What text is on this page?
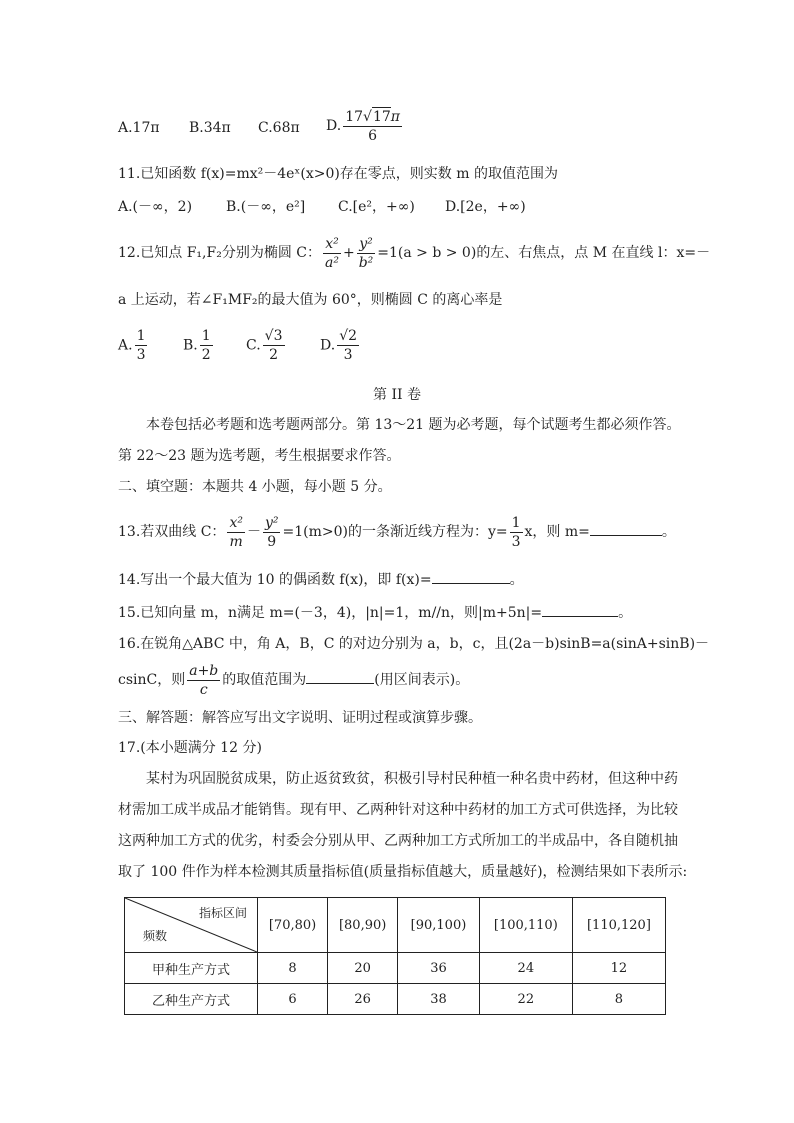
A.17π B.34π C.68π D. $\frac{17√17\pi}{6}$
11.已知函数 f(x)=mx²－4eˣ(x>0)存在零点，则实数 m 的取值范围为
A.(－∞，2) B.(－∞，e²] C.[e²，+∞) D.[2e，+∞)
12.已知点 F₁,F₂分别为椭圆 C： $\frac{\text{x²}}{\text{a²}} + \frac{\text{y²}}{\text{b²}} =1(a > b > 0)$的左、右焦点，点 M 在直线 l：x=－
a 上运动，若∠F₁MF₂的最大值为 60°，则椭圆 C 的离心率是
A. $\frac{1}{3}$	B. $\frac{1}{2} C$. $\frac{√3}{2}$	D. $\frac{√2}{3}$
第 II 卷
本卷包括必考题和选考题两部分。第 13～21 题为必考题，每个试题考生都必须作答。
第 22～23 题为选考题，考生根据要求作答。
二、填空题：本题共 4 小题，每小题 5 分。
13.若双曲线 C： $\frac{\text{x²}}{m} - \frac{\text{y²}}{9} =1(m>0)$的一条渐近线方程为：$y= \frac{1}{3}$ x，则 m=	。
14.写出一个最大值为 10 的偶函数 f(x)，即 f(x)=	。
15.已知向量 m，n满足 m=(－3，4)，|n|=1，m//n，则|m+5n|=	。
16.在锐角△ABC 中，角 A，B，C 的对边分别为 a，b，c，且(2a－b)sinB=a(sinA+sinB)－
csinC，则 $\frac{a+b}{c}$ 的取值范围为	(用区间表示)。
三、解答题：解答应写出文字说明、证明过程或演算步骤。
17.(本小题满分 12 分)
某村为巩固脱贫成果，防止返贫致贫，积极引导村民种植一种名贵中药材，但这种中药
材需加工成半成品才能销售。现有甲、乙两种针对这种中药材的加工方式可供选择，为比较
这两种加工方式的优劣，村委会分别从甲、乙两种加工方式所加工的半成品中，各自随机抽
取了 100 件作为样本检测其质量指标值(质量指标值越大，质量越好)，检测结果如下表所示:
指标区间
频数	[70,80)	[80,90)	[90,100)	[100,110)	[110,120]
甲种生产方式	8	20	36	24	12
乙种生产方式	6	26	38	22	8
